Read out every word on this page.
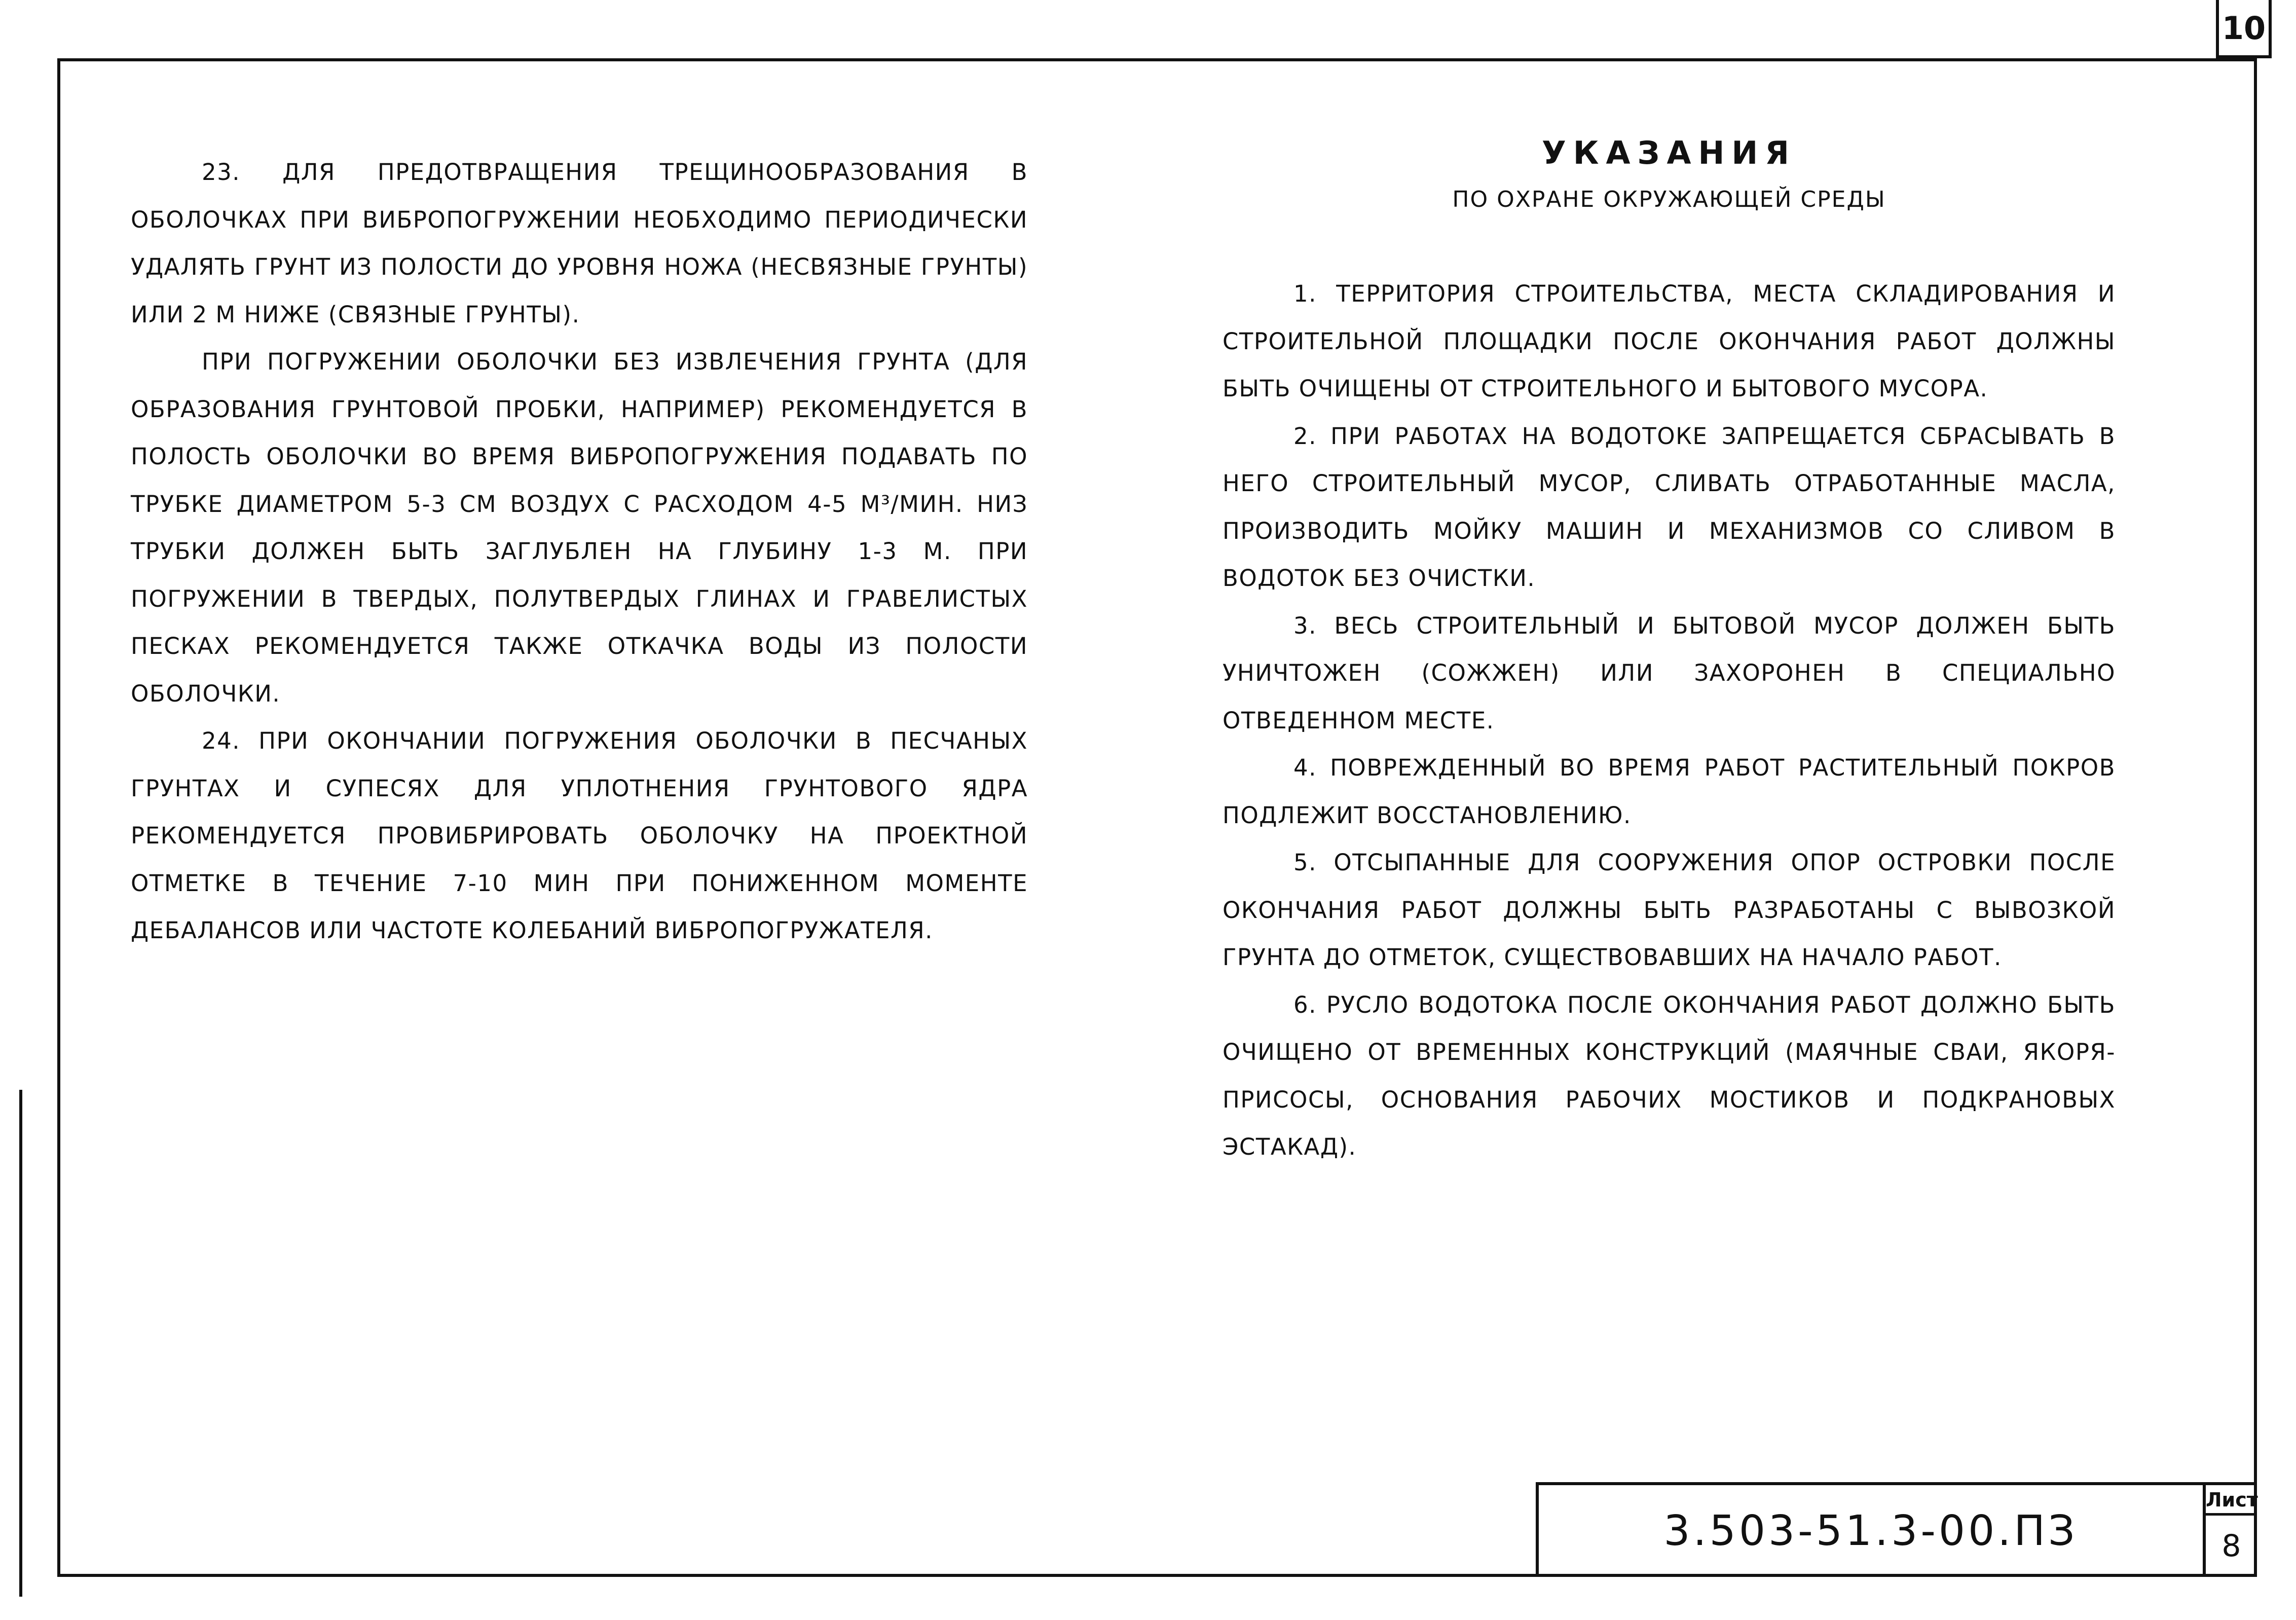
10

23. ДЛЯ ПРЕДОТВРАЩЕНИЯ ТРЕЩИНООБРАЗОВАНИЯ В ОБОЛОЧКАХ ПРИ ВИБРОПОГРУЖЕНИИ НЕОБХОДИМО ПЕРИОДИЧЕСКИ УДАЛЯТЬ ГРУНТ ИЗ ПОЛОСТИ ДО УРОВНЯ НОЖА (НЕСВЯЗНЫЕ ГРУНТЫ) ИЛИ 2 М НИЖЕ (СВЯЗНЫЕ ГРУНТЫ).

ПРИ ПОГРУЖЕНИИ ОБОЛОЧКИ БЕЗ ИЗВЛЕЧЕНИЯ ГРУНТА (ДЛЯ ОБРАЗОВАНИЯ ГРУНТОВОЙ ПРОБКИ, НАПРИМЕР) РЕКОМЕНДУЕТСЯ В ПОЛОСТЬ ОБОЛОЧКИ ВО ВРЕМЯ ВИБРОПОГРУЖЕНИЯ ПОДАВАТЬ ПО ТРУБКЕ ДИАМЕТРОМ 5-3 СМ ВОЗДУХ С РАСХОДОМ 4-5 М³/МИН. НИЗ ТРУБКИ ДОЛЖЕН БЫТЬ ЗАГЛУБЛЕН НА ГЛУБИНУ 1-3 М. ПРИ ПОГРУЖЕНИИ В ТВЕРДЫХ, ПОЛУТВЕРДЫХ ГЛИНАХ И ГРАВЕЛИСТЫХ ПЕСКАХ РЕКОМЕНДУЕТСЯ ТАКЖЕ ОТКАЧКА ВОДЫ ИЗ ПОЛОСТИ ОБОЛОЧКИ.

24. ПРИ ОКОНЧАНИИ ПОГРУЖЕНИЯ ОБОЛОЧКИ В ПЕСЧАНЫХ ГРУНТАХ И СУПЕСЯХ ДЛЯ УПЛОТНЕНИЯ ГРУНТОВОГО ЯДРА РЕКОМЕНДУЕТСЯ ПРОВИБРИРОВАТЬ ОБОЛОЧКУ НА ПРОЕКТНОЙ ОТМЕТКЕ В ТЕЧЕНИЕ 7-10 МИН ПРИ ПОНИЖЕННОМ МОМЕНТЕ ДЕБАЛАНСОВ ИЛИ ЧАСТОТЕ КОЛЕБАНИЙ ВИБРОПОГРУЖАТЕЛЯ.

УКАЗАНИЯ
ПО ОХРАНЕ ОКРУЖАЮЩЕЙ СРЕДЫ

1. ТЕРРИТОРИЯ СТРОИТЕЛЬСТВА, МЕСТА СКЛАДИРОВАНИЯ И СТРОИТЕЛЬНОЙ ПЛОЩАДКИ ПОСЛЕ ОКОНЧАНИЯ РАБОТ ДОЛЖНЫ БЫТЬ ОЧИЩЕНЫ ОТ СТРОИТЕЛЬНОГО И БЫТОВОГО МУСОРА.

2. ПРИ РАБОТАХ НА ВОДОТОКЕ ЗАПРЕЩАЕТСЯ СБРАСЫВАТЬ В НЕГО СТРОИТЕЛЬНЫЙ МУСОР, СЛИВАТЬ ОТРАБОТАННЫЕ МАСЛА, ПРОИЗВОДИТЬ МОЙКУ МАШИН И МЕХАНИЗМОВ СО СЛИВОМ В ВОДОТОК БЕЗ ОЧИСТКИ.

3. ВЕСЬ СТРОИТЕЛЬНЫЙ И БЫТОВОЙ МУСОР ДОЛЖЕН БЫТЬ УНИЧТОЖЕН (СОЖЖЕН) ИЛИ ЗАХОРОНЕН В СПЕЦИАЛЬНО ОТВЕДЕННОМ МЕСТЕ.

4. ПОВРЕЖДЕННЫЙ ВО ВРЕМЯ РАБОТ РАСТИТЕЛЬНЫЙ ПОКРОВ ПОДЛЕЖИТ ВОССТАНОВЛЕНИЮ.

5. ОТСЫПАННЫЕ ДЛЯ СООРУЖЕНИЯ ОПОР ОСТРОВКИ ПОСЛЕ ОКОНЧАНИЯ РАБОТ ДОЛЖНЫ БЫТЬ РАЗРАБОТАНЫ С ВЫВОЗКОЙ ГРУНТА ДО ОТМЕТОК, СУЩЕСТВОВАВШИХ НА НАЧАЛО РАБОТ.

6. РУСЛО ВОДОТОКА ПОСЛЕ ОКОНЧАНИЯ РАБОТ ДОЛЖНО БЫТЬ ОЧИЩЕНО ОТ ВРЕМЕННЫХ КОНСТРУКЦИЙ (МАЯЧНЫЕ СВАИ, ЯКОРЯ-ПРИСОСЫ, ОСНОВАНИЯ РАБОЧИХ МОСТИКОВ И ПОДКРАНОВЫХ ЭСТАКАД).

3.503-51.3-00.ПЗ
Лист
8
